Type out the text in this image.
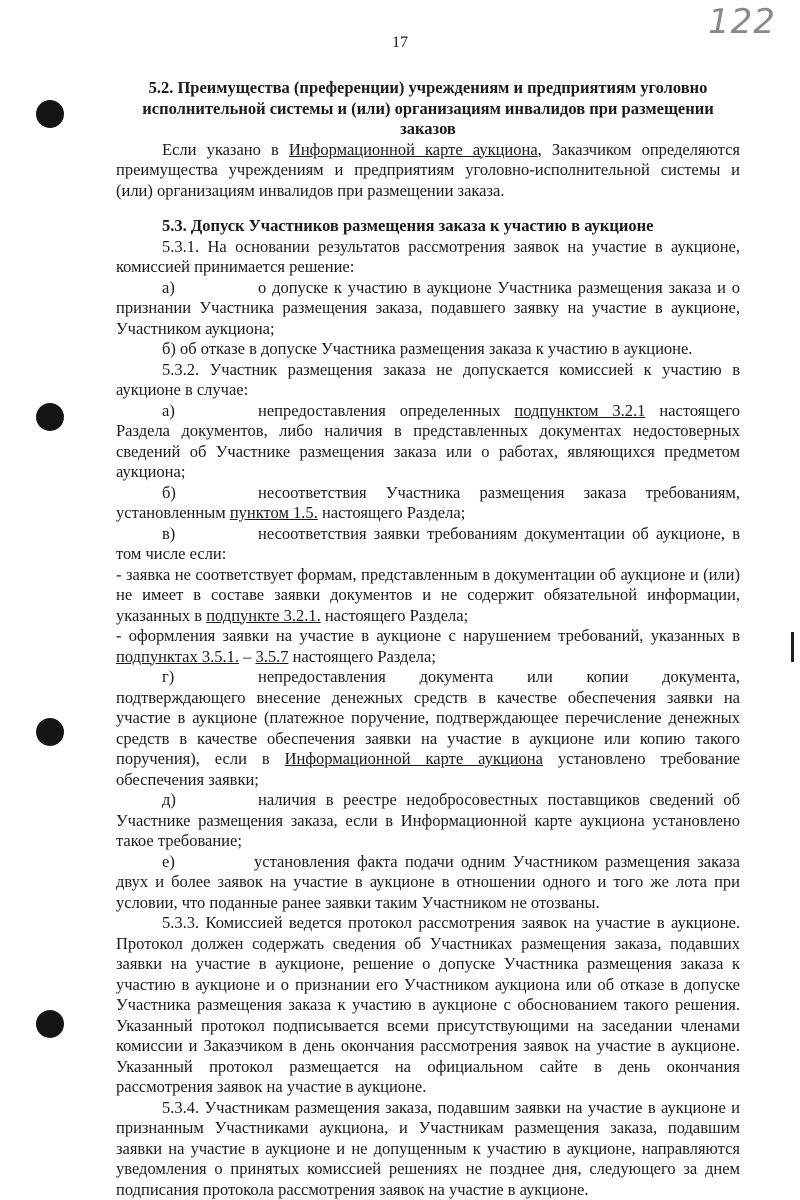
122
17

5.2. Преимущества (преференции) учреждениям и предприятиям уголовно исполнительной системы и (или) организациям инвалидов при размещении заказов

Если указано в Информационной карте аукциона, Заказчиком определяются преимущества учреждениям и предприятиям уголовно-исполнительной системы и (или) организациям инвалидов при размещении заказа.

5.3. Допуск Участников размещения заказа к участию в аукционе

5.3.1. На основании результатов рассмотрения заявок на участие в аукционе, комиссией принимается решение:

а)	о допуске к участию в аукционе Участника размещения заказа и о признании Участника размещения заказа, подавшего заявку на участие в аукционе, Участником аукциона;

б) об отказе в допуске Участника размещения заказа к участию в аукционе.

5.3.2. Участник размещения заказа не допускается комиссией к участию в аукционе в случае:

а)	непредоставления определенных подпунктом 3.2.1 настоящего Раздела документов, либо наличия в представленных документах недостоверных сведений об Участнике размещения заказа или о работах, являющихся предметом аукциона;

б)	несоответствия Участника размещения заказа требованиям, установленным пунктом 1.5. настоящего Раздела;

в)	несоответствия заявки требованиям документации об аукционе, в том числе если:

- заявка не соответствует формам, представленным в документации об аукционе и (или) не имеет в составе заявки документов и не содержит обязательной информации, указанных в подпункте 3.2.1. настоящего Раздела;

- оформления заявки на участие в аукционе с нарушением требований, указанных в подпунктах 3.5.1. – 3.5.7 настоящего Раздела;

г)	непредоставления документа или копии документа, подтверждающего внесение денежных средств в качестве обеспечения заявки на участие в аукционе (платежное поручение, подтверждающее перечисление денежных средств в качестве обеспечения заявки на участие в аукционе или копию такого поручения), если в Информационной карте аукциона установлено требование обеспечения заявки;

д)	наличия в реестре недобросовестных поставщиков сведений об Участнике размещения заказа, если в Информационной карте аукциона установлено такое требование;

е)	установления факта подачи одним Участником размещения заказа двух и более заявок на участие в аукционе в отношении одного и того же лота при условии, что поданные ранее заявки таким Участником не отозваны.

5.3.3. Комиссией ведется протокол рассмотрения заявок на участие в аукционе. Протокол должен содержать сведения об Участниках размещения заказа, подавших заявки на участие в аукционе, решение о допуске Участника размещения заказа к участию в аукционе и о признании его Участником аукциона или об отказе в допуске Участника размещения заказа к участию в аукционе с обоснованием такого решения. Указанный протокол подписывается всеми присутствующими на заседании членами комиссии и Заказчиком в день окончания рассмотрения заявок на участие в аукционе. Указанный протокол размещается на официальном сайте в день окончания рассмотрения заявок на участие в аукционе.

5.3.4. Участникам размещения заказа, подавшим заявки на участие в аукционе и признанным Участниками аукциона, и Участникам размещения заказа, подавшим заявки на участие в аукционе и не допущенным к участию в аукционе, направляются уведомления о принятых комиссией решениях не позднее дня, следующего за днем подписания протокола рассмотрения заявок на участие в аукционе.
